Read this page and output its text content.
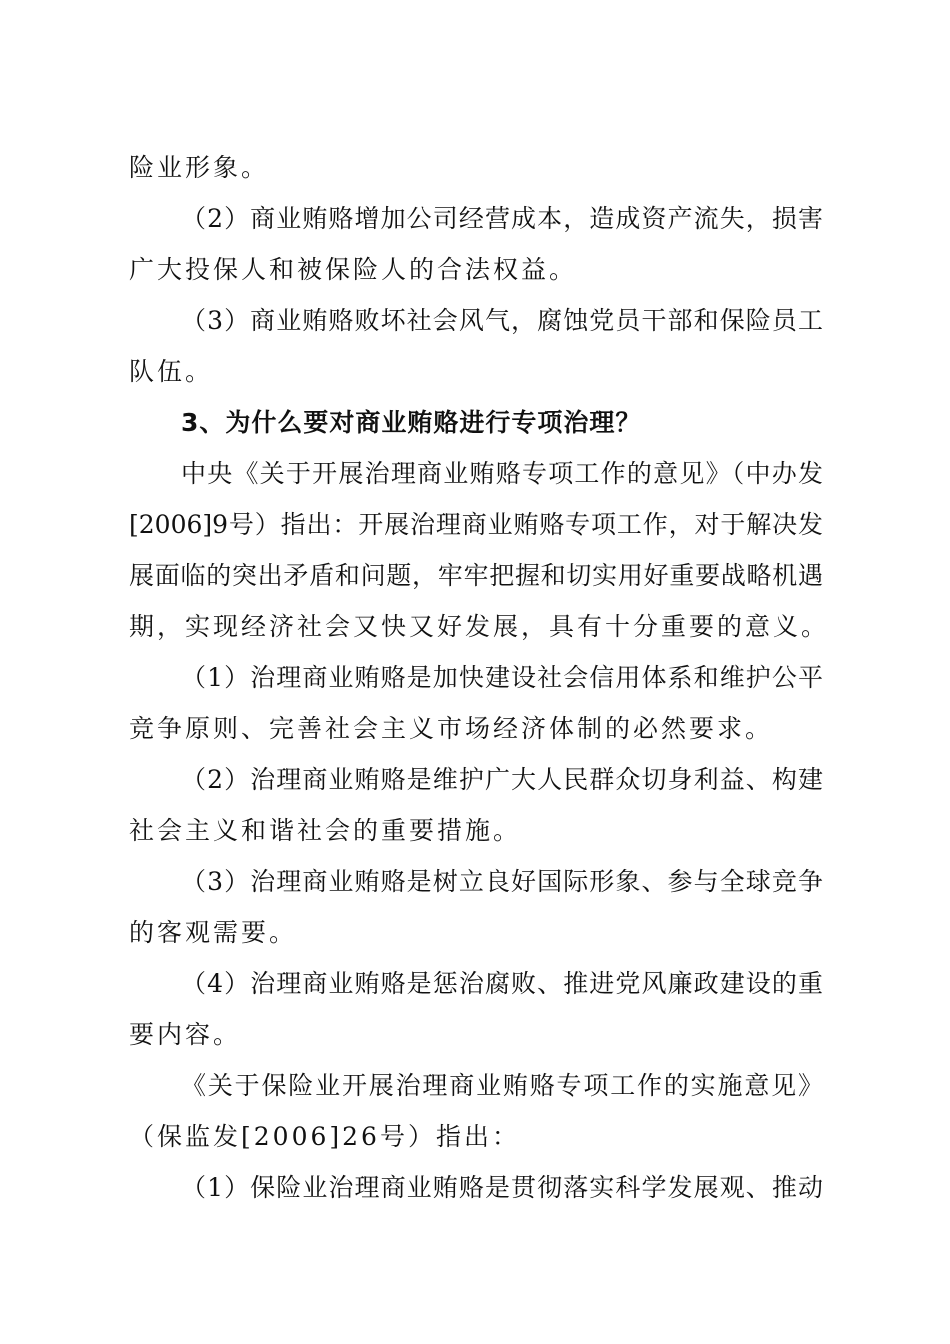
险业形象。
（2）商业贿赂增加公司经营成本，造成资产流失，损害
广大投保人和被保险人的合法权益。
（3）商业贿赂败坏社会风气，腐蚀党员干部和保险员工
队伍。
3、为什么要对商业贿赂进行专项治理？
中央《关于开展治理商业贿赂专项工作的意见》（中办发
[2006]9号）指出：开展治理商业贿赂专项工作，对于解决发
展面临的突出矛盾和问题，牢牢把握和切实用好重要战略机遇
期，实现经济社会又快又好发展，具有十分重要的意义。
（1）治理商业贿赂是加快建设社会信用体系和维护公平
竞争原则、完善社会主义市场经济体制的必然要求。
（2）治理商业贿赂是维护广大人民群众切身利益、构建
社会主义和谐社会的重要措施。
（3）治理商业贿赂是树立良好国际形象、参与全球竞争
的客观需要。
（4）治理商业贿赂是惩治腐败、推进党风廉政建设的重
要内容。
《关于保险业开展治理商业贿赂专项工作的实施意见》
（保监发[2006]26号）指出：
（1）保险业治理商业贿赂是贯彻落实科学发展观、推动
